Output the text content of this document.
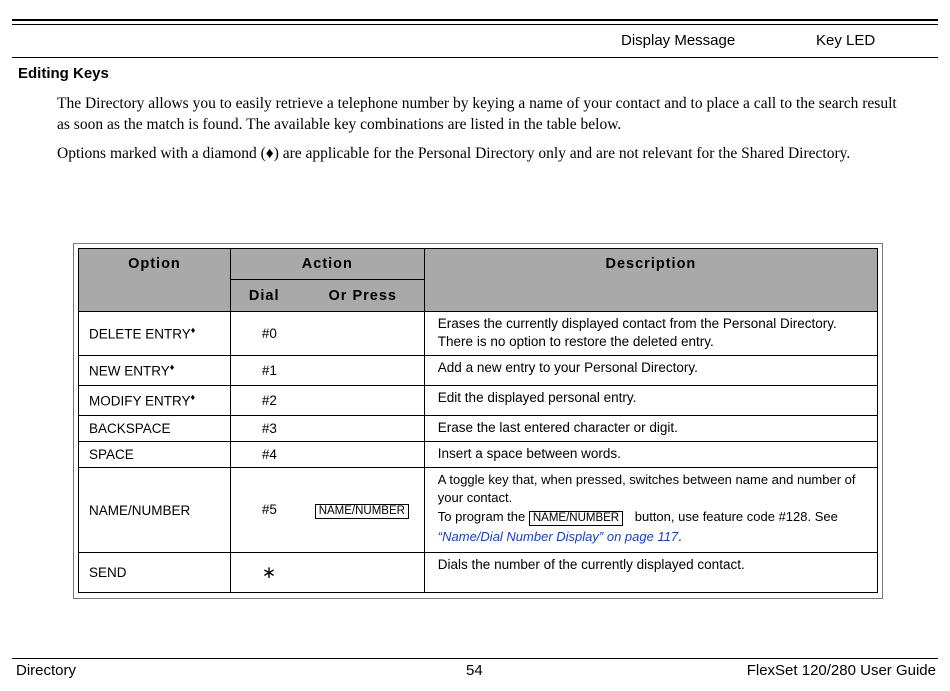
Display Message	Key LED
Editing Keys
The Directory allows you to easily retrieve a telephone number by keying a name of your contact and to place a call to the search result as soon as the match is found. The available key combinations are listed in the table below.
Options marked with a diamond (♦) are applicable for the Personal Directory only and are not relevant for the Shared Directory.
Option	Action	Description
	Dial Or Press	
DELETE ENTRY♦	#0	Erases the currently displayed contact from the Personal Directory. There is no option to restore the deleted entry.
NEW ENTRY♦	#1	Add a new entry to your Personal Directory.
MODIFY ENTRY♦	#2	Edit the displayed personal entry.
BACKSPACE	#3	Erase the last entered character or digit.
SPACE	#4	Insert a space between words.
NAME/NUMBER	#5 NAME/NUMBER	A toggle key that, when pressed, switches between name and number of your contact.
To program the NAME/NUMBER button, use feature code #128. See
“Name/Dial Number Display” on page 117.

SEND	∗	Dials the number of the currently displayed contact.
Directory	54	FlexSet 120/280 User Guide
